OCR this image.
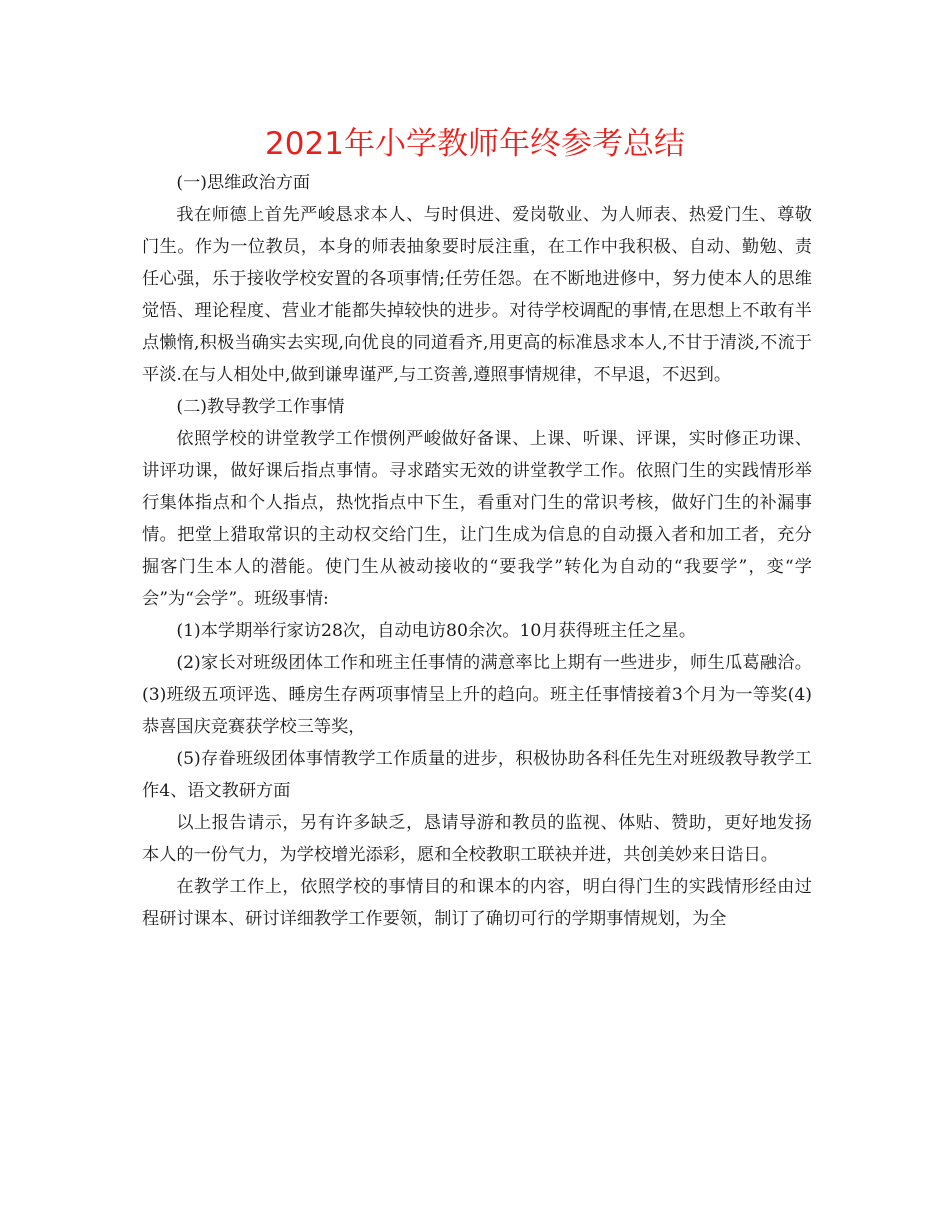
2021年小学教师年终参考总结

(一)思维政治方面

我在师德上首先严峻恳求本人、与时俱进、爱岗敬业、为人师表、热爱门生、尊敬门生。作为一位教员，本身的师表抽象要时辰注重，在工作中我积极、自动、勤勉、责任心强，乐于接收学校安置的各项事情;任劳任怨。在不断地进修中，努力使本人的思维觉悟、理论程度、营业才能都失掉较快的进步。对待学校调配的事情,在思想上不敢有半点懒惰,积极当确实去实现,向优良的同道看齐,用更高的标准恳求本人,不甘于清淡,不流于平淡.在与人相处中,做到谦卑谨严,与工资善,遵照事情规律，不早退，不迟到。

(二)教导教学工作事情

依照学校的讲堂教学工作惯例严峻做好备课、上课、听课、评课，实时修正功课、讲评功课，做好课后指点事情。寻求踏实无效的讲堂教学工作。依照门生的实践情形举行集体指点和个人指点，热忱指点中下生，看重对门生的常识考核，做好门生的补漏事情。把堂上猎取常识的主动权交给门生，让门生成为信息的自动摄入者和加工者，充分掘客门生本人的潜能。使门生从被动接收的“要我学”转化为自动的“我要学”，变“学会”为“会学”。班级事情:

(1)本学期举行家访28次，自动电访80余次。10月获得班主任之星。

(2)家长对班级团体工作和班主任事情的满意率比上期有一些进步，师生瓜葛融洽。(3)班级五项评选、睡房生存两项事情呈上升的趋向。班主任事情接着3个月为一等奖(4)恭喜国庆竞赛获学校三等奖，

(5)存眷班级团体事情教学工作质量的进步，积极协助各科任先生对班级教导教学工作4、语文教研方面

以上报告请示，另有许多缺乏，恳请导游和教员的监视、体贴、赞助，更好地发扬本人的一份气力，为学校增光添彩，愿和全校教职工联袂并进，共创美妙来日诰日。

在教学工作上，依照学校的事情目的和课本的内容，明白得门生的实践情形经由过程研讨课本、研讨详细教学工作要领，制订了确切可行的学期事情规划，为全
